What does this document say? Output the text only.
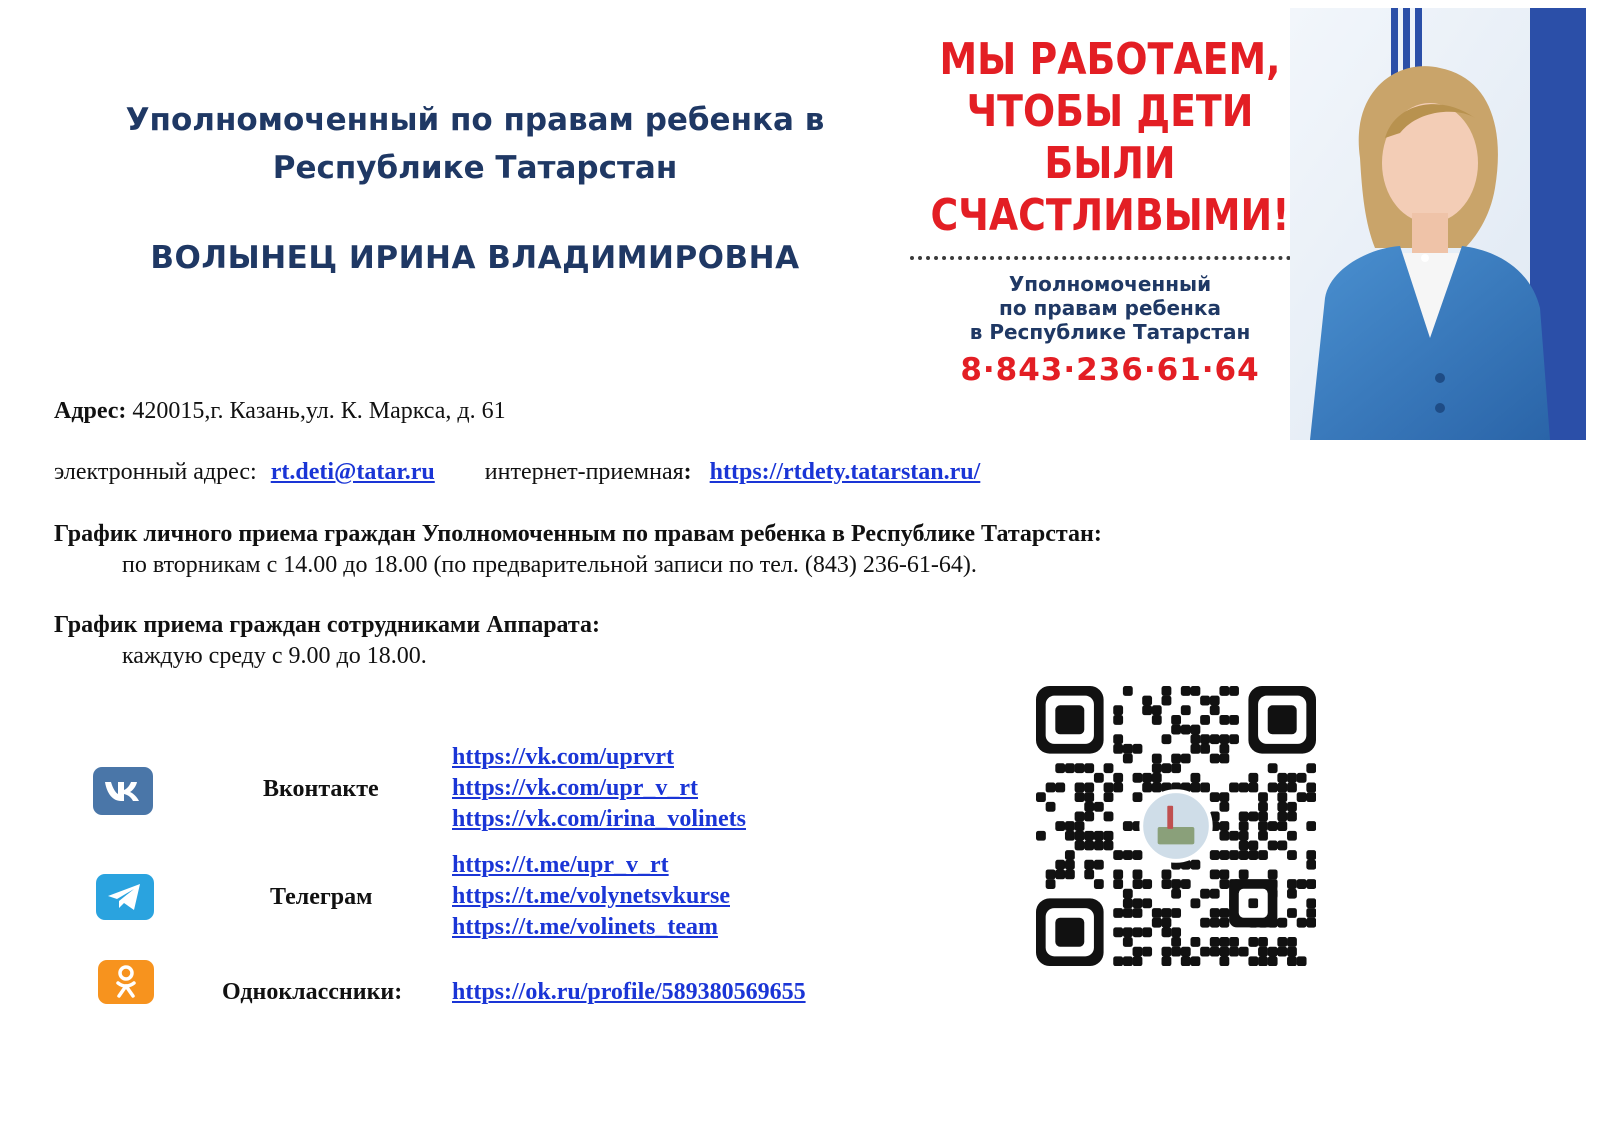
Уполномоченный по правам ребенка в
Республике Татарстан
ВОЛЫНЕЦ ИРИНА ВЛАДИМИРОВНА
МЫ РАБОТАЕМ,
ЧТОБЫ ДЕТИ
БЫЛИ
СЧАСТЛИВЫМИ!
Уполномоченный
по правам ребенка
в Республике Татарстан
8·843·236·61·64
Адрес: 420015,г. Казань,ул. К. Маркса, д. 61
электронный адрес: rt.deti@tatar.ru интернет-приемная: https://rtdety.tatarstan.ru/
График личного приема граждан Уполномоченным по правам ребенка в Республике Татарстан:
по вторникам с 14.00 до 18.00 (по предварительной записи по тел. (843) 236-61-64).
График приема граждан сотрудниками Аппарата:
каждую среду с 9.00 до 18.00.
Вконтакте
https://vk.com/uprvrt
https://vk.com/upr_v_rt
https://vk.com/irina_volinets
Телеграм
https://t.me/upr_v_rt
https://t.me/volynetsvkurse
https://t.me/volinets_team
Одноклассники: https://ok.ru/profile/589380569655
